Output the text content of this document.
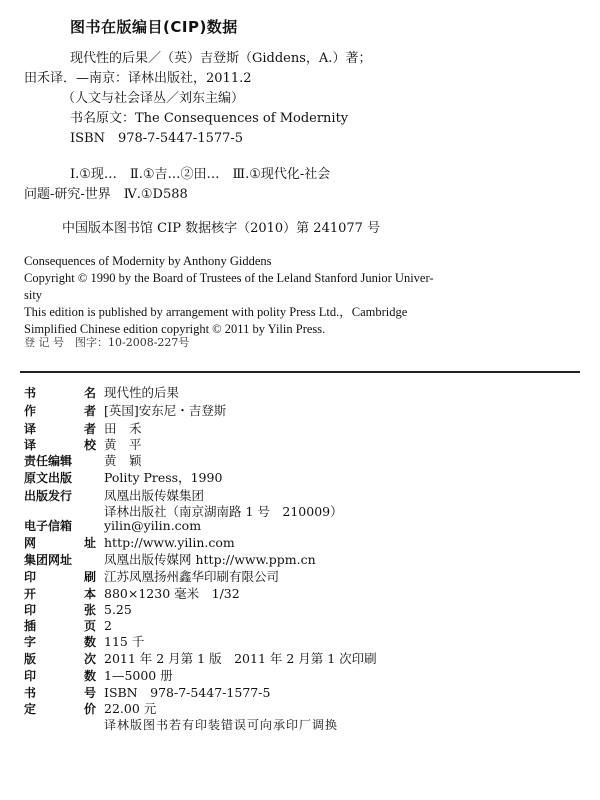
图书在版编目(CIP)数据
现代性的后果／（英）吉登斯（Giddens，A.）著；
田禾译．—南京：译林出版社，2011.2
（人文与社会译丛／刘东主编）
书名原文：The Consequences of Modernity
ISBN　978-7-5447-1577-5
Ⅰ.①现…　Ⅱ.①吉…②田…　Ⅲ.①现代化-社会
问题-研究-世界　Ⅳ.①D588
中国版本图书馆 CIP 数据核字（2010）第 241077 号
Consequences of Modernity by Anthony Giddens
Copyright © 1990 by the Board of Trustees of the Leland Stanford Junior Univer-
sity
This edition is published by arrangement with polity Press Ltd.，Cambridge
Simplified Chinese edition copyright © 2011 by Yilin Press.
登 记 号　图字：10-2008-227号
书	名 现代性的后果
作	者 [英国]安东尼・吉登斯
译	者 田　禾
译	校 黄　平
责任编辑	黄　颖
原文出版	Polity Press，1990
出版发行	凤凰出版传媒集团
译林出版社（南京湖南路 1 号　210009）
电子信箱	yilin@yilin.com
网	址 http://www.yilin.com
集团网址	凤凰出版传媒网 http://www.ppm.cn
印	刷 江苏凤凰扬州鑫华印刷有限公司
开	本 880×1230 毫米　1/32
印	张 5.25
插	页 2
字	数 115 千
版	次 2011 年 2 月第 1 版　2011 年 2 月第 1 次印刷
印	数 1—5000 册
书	号 ISBN　978-7-5447-1577-5
定	价 22.00 元
译林版图书若有印装错误可向承印厂调换
